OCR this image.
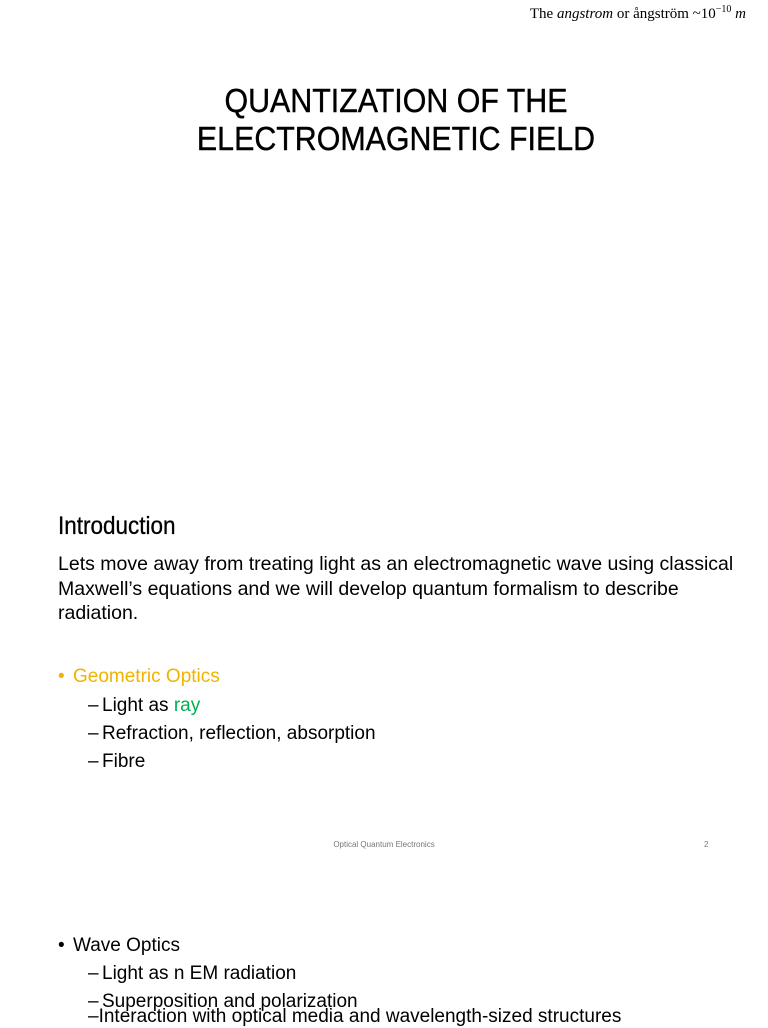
The angstrom or ångström $\sim 10^{-10}$ m
QUANTIZATION OF THE
ELECTROMAGNETIC FIELD
Introduction
Lets move away from treating light as an electromagnetic wave using classical Maxwell’s equations and we will develop quantum formalism to describe radiation.
• Geometric Optics
– Light as ray
– Refraction, reflection, absorption
– Fibre
Optical Quantum Electronics	2
• Wave Optics
– Light as n EM radiation
– Superposition and polarization
–Interaction with optical media and wavelength-sized structures
